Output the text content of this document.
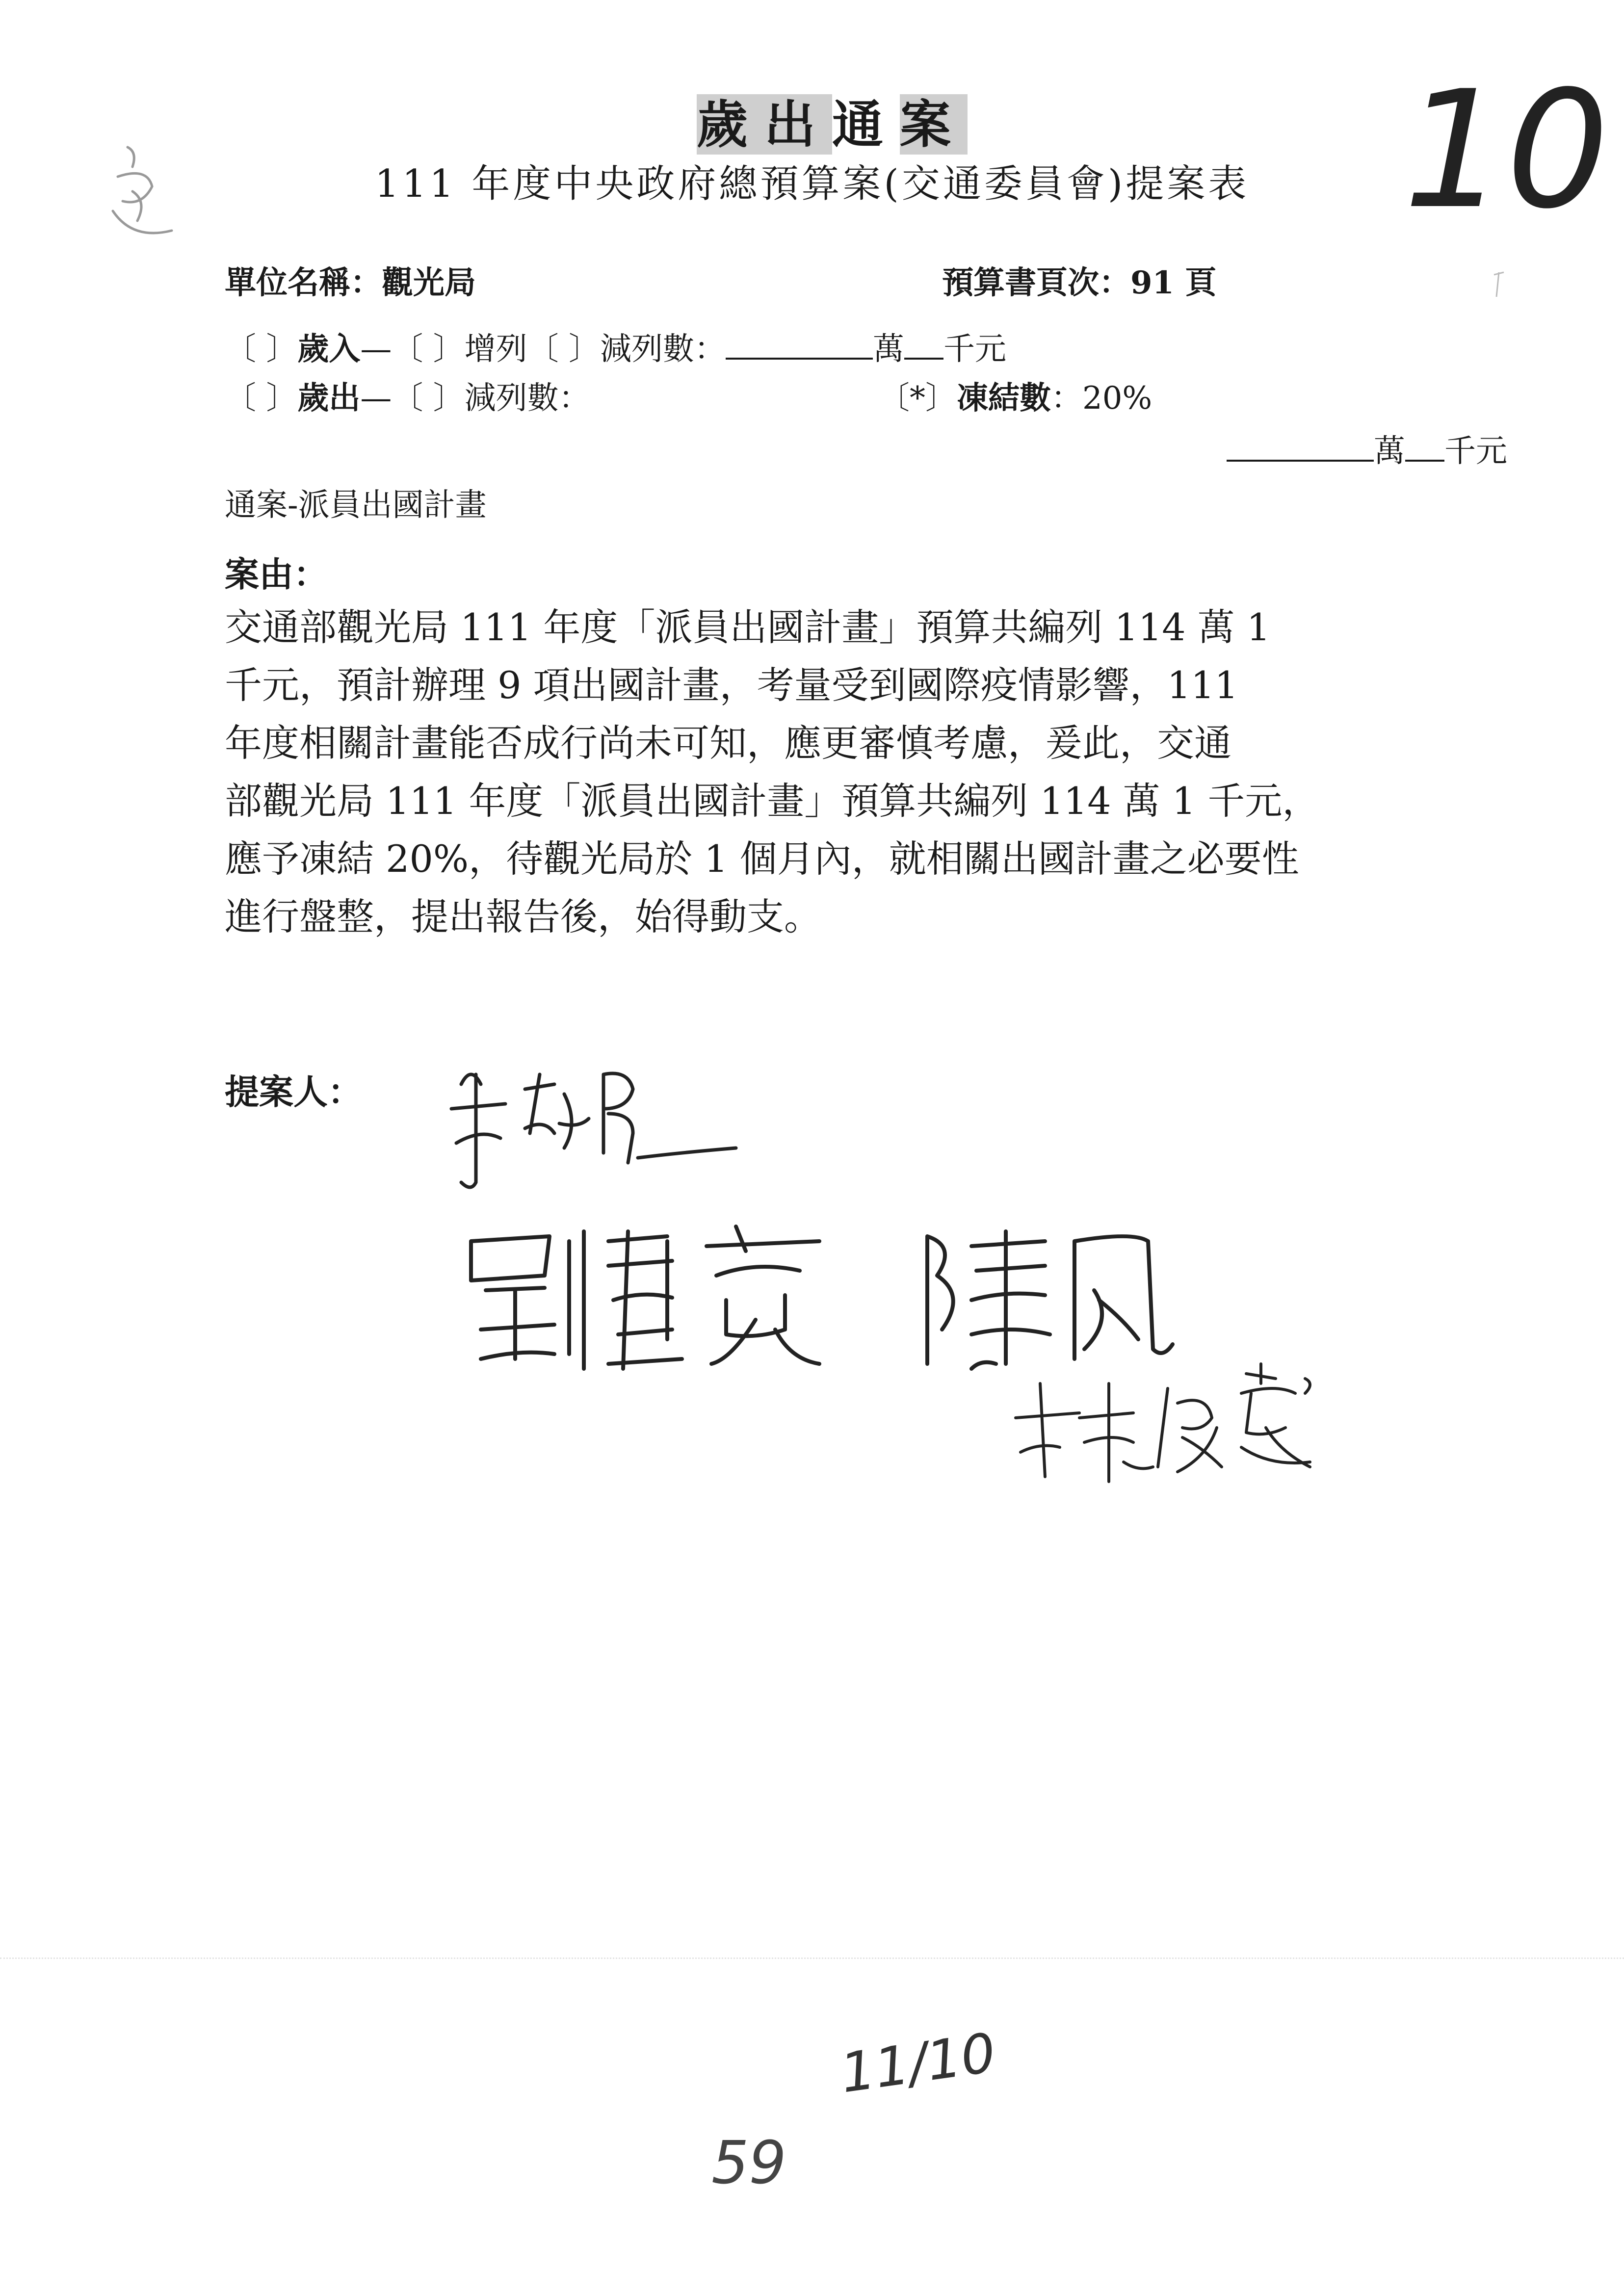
歲出通案
111 年度中央政府總預算案(交通委員會)提案表 10
單位名稱：觀光局	預算書頁次：91 頁
〔 〕歲入—〔 〕增列〔 〕減列數：	萬 千元
〔 〕歲出—〔 〕減列數：	〔*〕凍結數：20%
萬 千元
通案-派員出國計畫
案由：

交通部觀光局 111 年度「派員出國計畫」預算共編列 114 萬 1

千元，預計辦理 9 項出國計畫，考量受到國際疫情影響，111

年度相關計畫能否成行尚未可知，應更審慎考慮，爰此，交通

部觀光局 111 年度「派員出國計畫」預算共編列 114 萬 1 千元，

應予凍結 20%，待觀光局於 1 個月內，就相關出國計畫之必要性

進行盤整，提出報告後，始得動支。

提案人：
11/10
59
